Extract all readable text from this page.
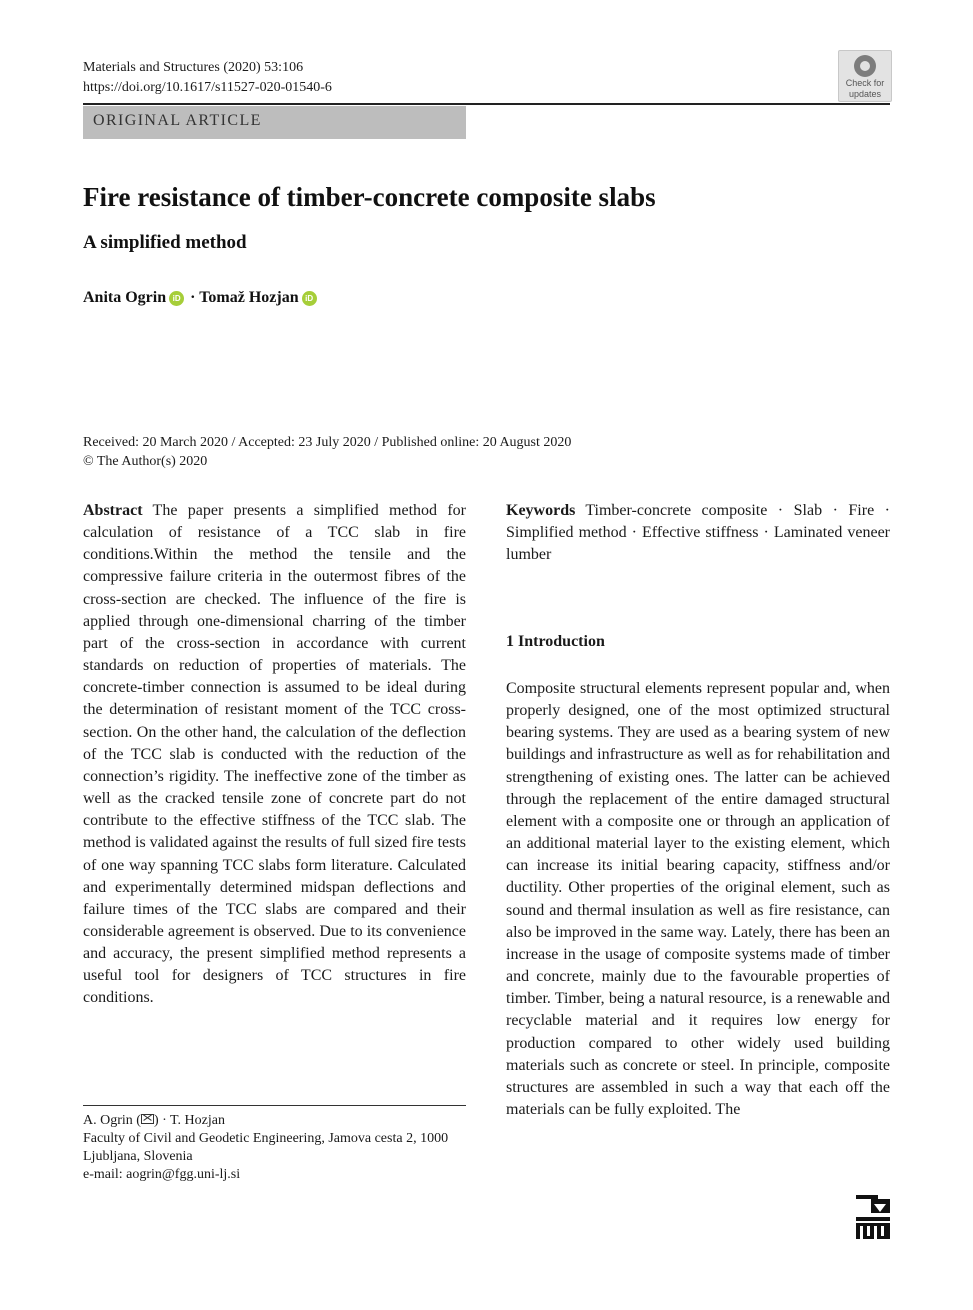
Materials and Structures (2020) 53:106
https://doi.org/10.1617/s11527-020-01540-6	Check for
updates
ORIGINAL ARTICLE
Fire resistance of timber-concrete composite slabs
A simplified method
Anita Ogrin iD · Tomaž Hozjan iD
Received: 20 March 2020 / Accepted: 23 July 2020 / Published online: 20 August 2020
© The Author(s) 2020

Abstract The paper presents a simplified method for calculation of resistance of a TCC slab in fire conditions.Within the method the tensile and the compressive failure criteria in the outermost fibres of the cross-section are checked. The influence of the fire is applied through one-dimensional charring of the timber part of the cross-section in accordance with current standards on reduction of properties of materials. The concrete-timber connection is assumed to be ideal during the determination of resistant moment of the TCC cross-section. On the other hand, the calculation of the deflection of the TCC slab is conducted with the reduction of the connection’s rigidity. The ineffective zone of the timber as well as the cracked tensile zone of concrete part do not contribute to the effective stiffness of the TCC slab. The method is validated against the results of full sized fire tests of one way spanning TCC slabs form literature. Calculated and experimentally determined midspan deflections and failure times of the TCC slabs are compared and their considerable agreement is observed. Due to its convenience and accuracy, the present simplified method represents a useful tool for designers of TCC structures in fire conditions.

Keywords Timber-concrete composite · Slab · Fire · Simplified method · Effective stiffness · Laminated veneer lumber

1 Introduction

Composite structural elements represent popular and, when properly designed, one of the most optimized structural bearing systems. They are used as a bearing system of new buildings and infrastructure as well as for rehabilitation and strengthening of existing ones. The latter can be achieved through the replacement of the entire damaged structural element with a composite one or through an application of an additional material layer to the existing element, which can increase its initial bearing capacity, stiffness and/or ductility. Other properties of the original element, such as sound and thermal insulation as well as fire resistance, can also be improved in the same way. Lately, there has been an increase in the usage of composite systems made of timber and concrete, mainly due to the favourable properties of timber. Timber, being a natural resource, is a renewable and recyclable material and it requires low energy for production compared to other widely used building materials such as concrete or steel. In principle, composite structures are assembled in such a way that each off the materials can be fully exploited. The

A. Ogrin ( ) · T. Hozjan
Faculty of Civil and Geodetic Engineering, Jamova cesta 2, 1000 Ljubljana, Slovenia
e-mail: aogrin@fgg.uni-lj.si
